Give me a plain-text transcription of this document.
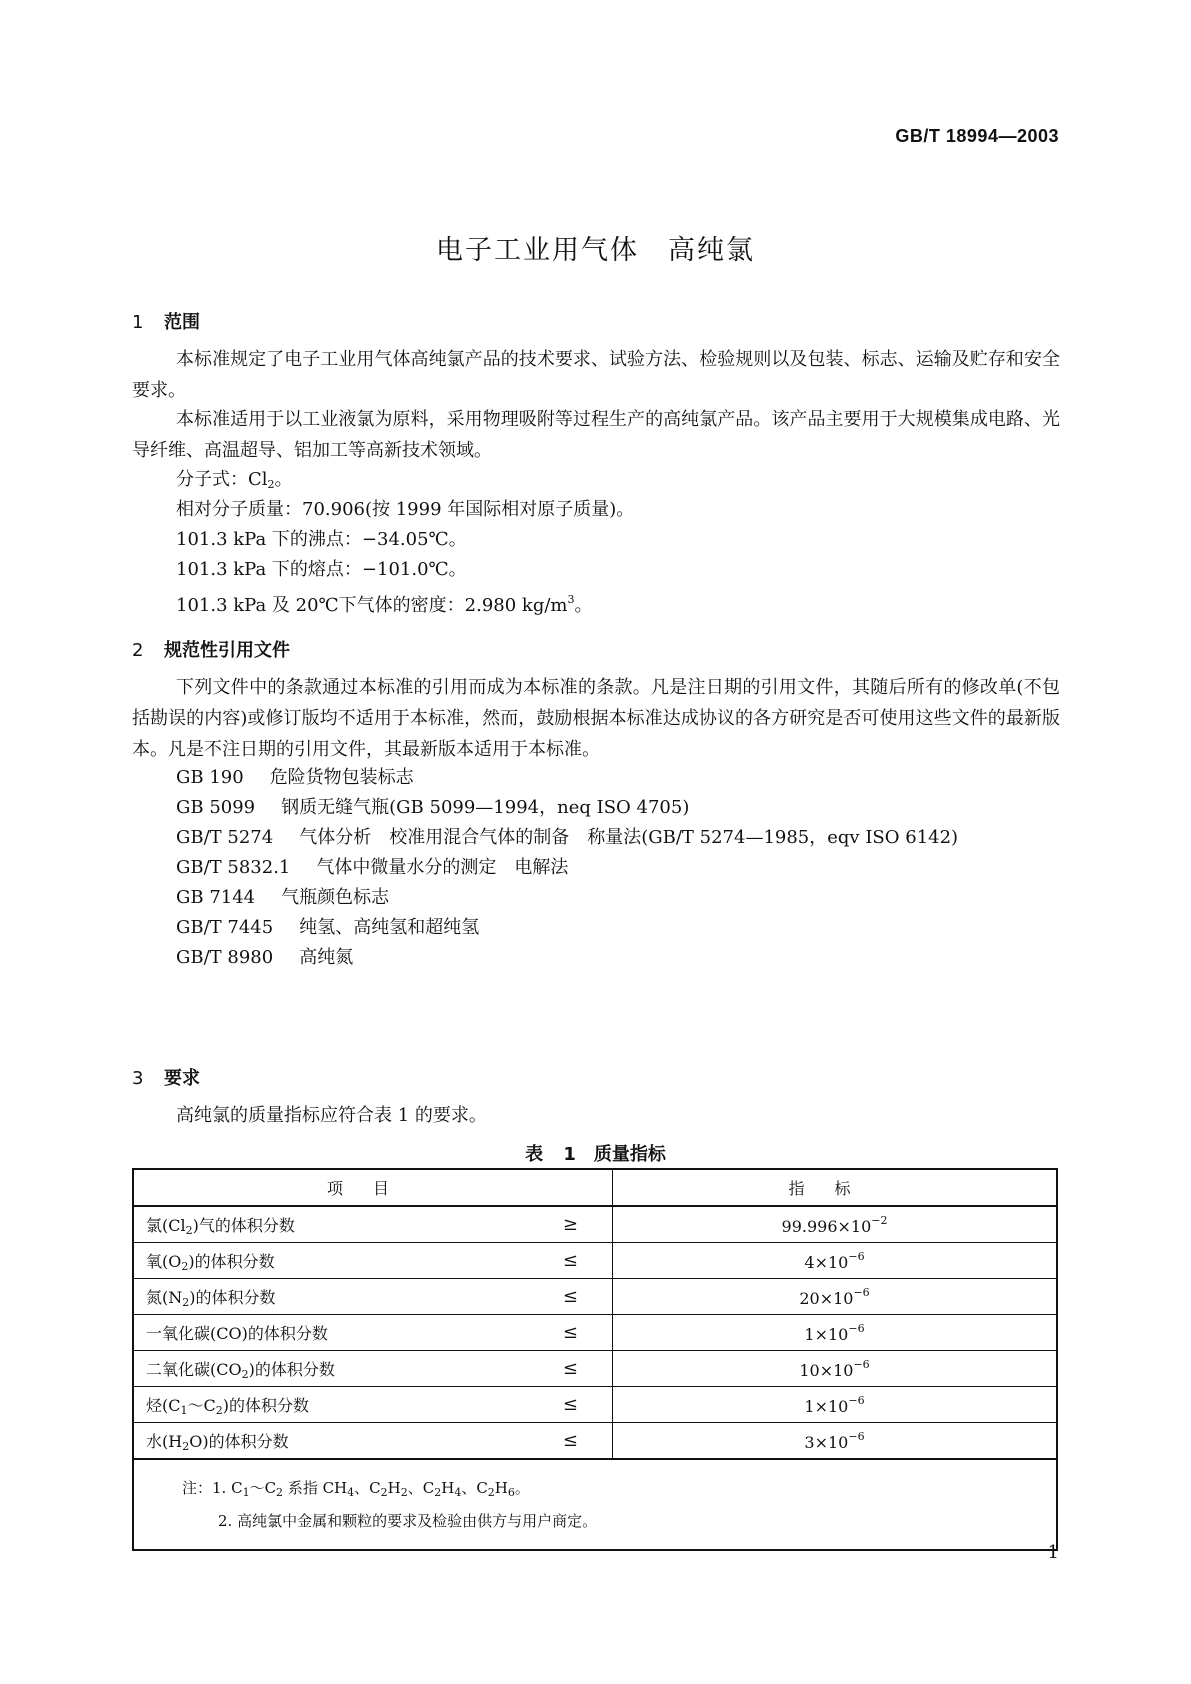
GB/T 18994—2003
电子工业用气体　高纯氯
1 范围
本标准规定了电子工业用气体高纯氯产品的技术要求、试验方法、检验规则以及包装、标志、运输及贮存和安全要求。
本标准适用于以工业液氯为原料，采用物理吸附等过程生产的高纯氯产品。该产品主要用于大规模集成电路、光导纤维、高温超导、铝加工等高新技术领域。
分子式：$Cl_2$。
相对分子质量：70.906(按 1999 年国际相对原子质量)。
101.3 kPa 下的沸点：−34.05℃。
101.3 kPa 下的熔点：−101.0℃。
101.3 kPa 及 20℃下气体的密度：2.980 $kg/m^3$。
2 规范性引用文件
下列文件中的条款通过本标准的引用而成为本标准的条款。凡是注日期的引用文件，其随后所有的修改单(不包括勘误的内容)或修订版均不适用于本标准，然而，鼓励根据本标准达成协议的各方研究是否可使用这些文件的最新版本。凡是不注日期的引用文件，其最新版本适用于本标准。
GB 190 危险货物包装标志
GB 5099 钢质无缝气瓶(GB 5099—1994，neq ISO 4705)
GB/T 5274 气体分析　校准用混合气体的制备　称量法(GB/T 5274—1985，eqv ISO 6142)
GB/T 5832.1 气体中微量水分的测定　电解法
GB 7144 气瓶颜色标志
GB/T 7445 纯氢、高纯氢和超纯氢
GB/T 8980 高纯氮
3 要求
高纯氯的质量指标应符合表 1 的要求。
表 1　质量指标
项目	指标
氯$(Cl_2)$气的体积分数 ≥	$99.996\times 10^{-2}$
氧$(O_2)$的体积分数 ≤	$4\times 10^{-6}$
氮$(N_2)$的体积分数 ≤	$20\times 10^{-6}$
一氧化碳(CO)的体积分数 ≤	$1\times 10^{-6}$
二氧化碳$(CO_2)$的体积分数 ≤	$10\times 10^{-6}$
烃$(C_1\sim C_2)$的体积分数 ≤	$1\times 10^{-6}$
水$(H_2O)$的体积分数 ≤	$3\times 10^{-6}$

注：1. $C_1\sim C_2$ 系指 $CH_4$、$C_2H_2$、$C_2H_4$、$C_2H_6$。
2. 高纯氯中金属和颗粒的要求及检验由供方与用户商定。	
1
